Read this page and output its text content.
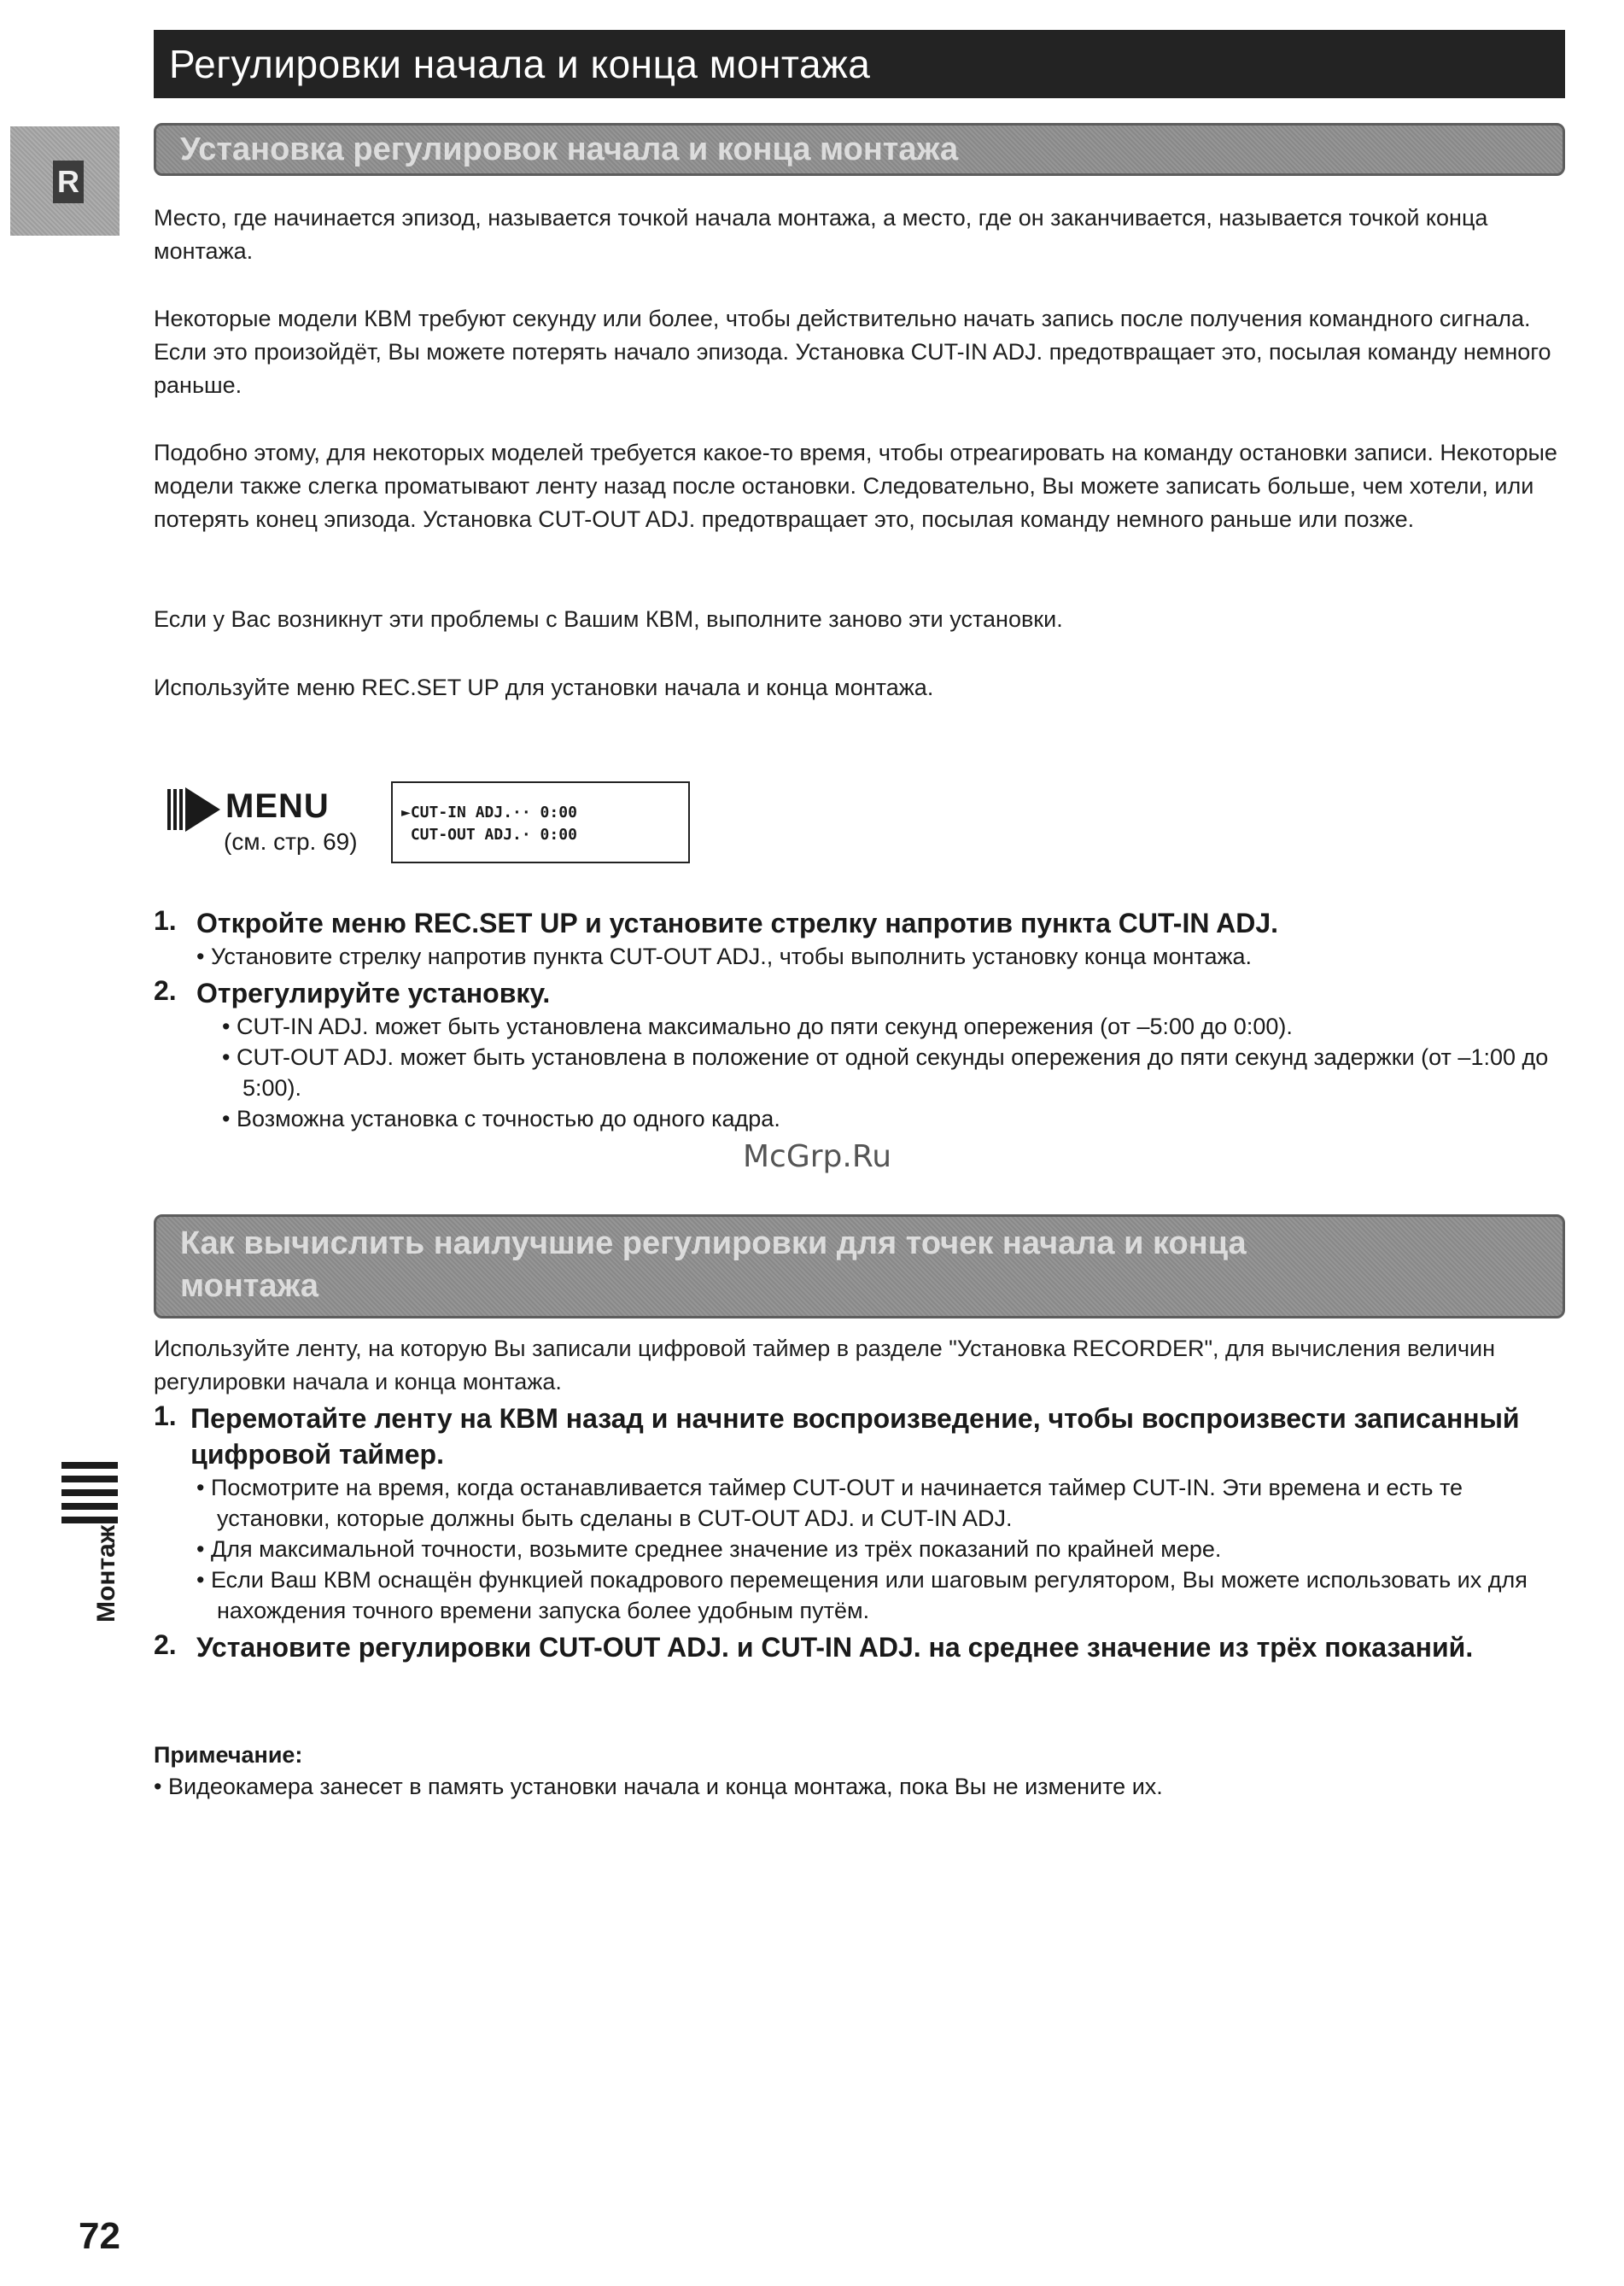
Регулировки начала и конца монтажа
R
Установка регулировок начала и конца монтажа
Место, где начинается эпизод, называется точкой начала монтажа, а место, где он заканчивается, называется точкой конца монтажа.
Некоторые модели КВМ требуют секунду или более, чтобы действительно начать запись после получения командного сигнала. Если это произойдёт, Вы можете потерять начало эпизода. Установка CUT-IN ADJ. предотвращает это, посылая команду немного раньше.
Подобно этому, для некоторых моделей требуется какое-то время, чтобы отреагировать на команду остановки записи. Некоторые модели также слегка проматывают ленту назад после остановки. Следовательно, Вы можете записать больше, чем хотели, или потерять конец эпизода. Установка CUT-OUT ADJ. предотвращает это, посылая команду немного раньше или позже.
Если у Вас возникнут эти проблемы с Вашим КВМ, выполните заново эти установки.
Используйте меню REC.SET UP для установки начала и конца монтажа.
MENU
(см. стр. 69)
►CUT-IN ADJ.·· 0:00
CUT-OUT ADJ.· 0:00
1. Откройте меню REC.SET UP и установите стрелку напротив пункта CUT-IN ADJ.
• Установите стрелку напротив пункта CUT-OUT ADJ., чтобы выполнить установку конца монтажа.
2. Отрегулируйте установку.
• CUT-IN ADJ. может быть установлена максимально до пяти секунд опережения (от –5:00 до 0:00).
• CUT-OUT ADJ. может быть установлена в положение от одной секунды опережения до пяти секунд задержки (от –1:00 до 5:00).
• Возможна установка с точностью до одного кадра.
McGrp.Ru
Как вычислить наилучшие регулировки для точек начала и конца
монтажа
Используйте ленту, на которую Вы записали цифровой таймер в разделе "Установка RECORDER", для вычисления величин регулировки начала и конца монтажа.
1. Перемотайте ленту на КВМ назад и начните воспроизведение, чтобы воспроизвести записанный цифровой таймер.
• Посмотрите на время, когда останавливается таймер CUT-OUT и начинается таймер CUT-IN. Эти времена и есть те установки, которые должны быть сделаны в CUT-OUT ADJ. и CUT-IN ADJ.
• Для максимальной точности, возьмите среднее значение из трёх показаний по крайней мере.
• Если Ваш КВМ оснащён функцией покадрового перемещения или шаговым регулятором, Вы можете использовать их для нахождения точного времени запуска более удобным путём.
2. Установите регулировки CUT-OUT ADJ. и CUT-IN ADJ. на среднее значение из трёх показаний.
Примечание:
• Видеокамера занесет в память установки начала и конца монтажа, пока Вы не измените их.
Монтаж
72
